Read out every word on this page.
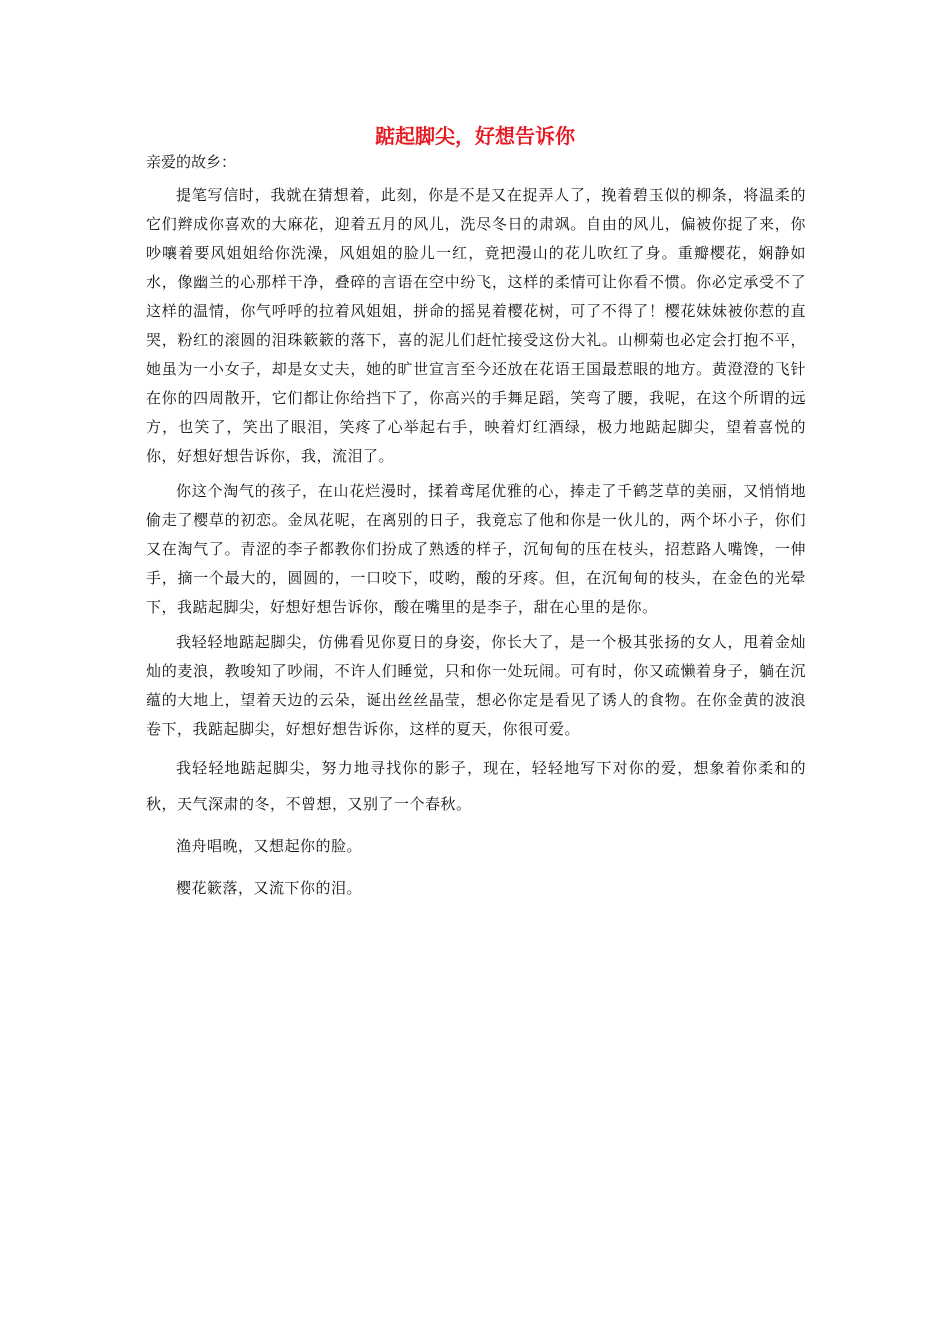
踮起脚尖，好想告诉你

亲爱的故乡：

提笔写信时，我就在猜想着，此刻，你是不是又在捉弄人了，挽着碧玉似的柳条，将温柔的它们辫成你喜欢的大麻花，迎着五月的风儿，洗尽冬日的肃飒。自由的风儿，偏被你捉了来，你吵嚷着要风姐姐给你洗澡，风姐姐的脸儿一红，竟把漫山的花儿吹红了身。重瓣樱花，娴静如水，像幽兰的心那样干净，叠碎的言语在空中纷飞，这样的柔情可让你看不惯。你必定承受不了这样的温情，你气呼呼的拉着风姐姐，拼命的摇晃着樱花树，可了不得了！樱花妹妹被你惹的直哭，粉红的滚圆的泪珠簌簌的落下，喜的泥儿们赶忙接受这份大礼。山柳菊也必定会打抱不平，她虽为一小女子，却是女丈夫，她的旷世宣言至今还放在花语王国最惹眼的地方。黄澄澄的飞针在你的四周散开，它们都让你给挡下了，你高兴的手舞足蹈，笑弯了腰，我呢，在这个所谓的远方，也笑了，笑出了眼泪，笑疼了心举起右手，映着灯红酒绿，极力地踮起脚尖，望着喜悦的你，好想好想告诉你，我，流泪了。

你这个淘气的孩子，在山花烂漫时，揉着鸢尾优雅的心，捧走了千鹤芝草的美丽，又悄悄地偷走了樱草的初恋。金凤花呢，在离别的日子，我竟忘了他和你是一伙儿的，两个坏小子，你们又在淘气了。青涩的李子都教你们扮成了熟透的样子，沉甸甸的压在枝头，招惹路人嘴馋，一伸手，摘一个最大的，圆圆的，一口咬下，哎哟，酸的牙疼。但，在沉甸甸的枝头，在金色的光晕下，我踮起脚尖，好想好想告诉你，酸在嘴里的是李子，甜在心里的是你。

我轻轻地踮起脚尖，仿佛看见你夏日的身姿，你长大了，是一个极其张扬的女人，甩着金灿灿的麦浪，教唆知了吵闹，不许人们睡觉，只和你一处玩闹。可有时，你又疏懒着身子，躺在沉蕴的大地上，望着天边的云朵，诞出丝丝晶莹，想必你定是看见了诱人的食物。在你金黄的波浪卷下，我踮起脚尖，好想好想告诉你，这样的夏天，你很可爱。

我轻轻地踮起脚尖，努力地寻找你的影子，现在，轻轻地写下对你的爱，想象着你柔和的秋，天气深肃的冬，不曾想，又别了一个春秋。

渔舟唱晚，又想起你的脸。

樱花簌落，又流下你的泪。
